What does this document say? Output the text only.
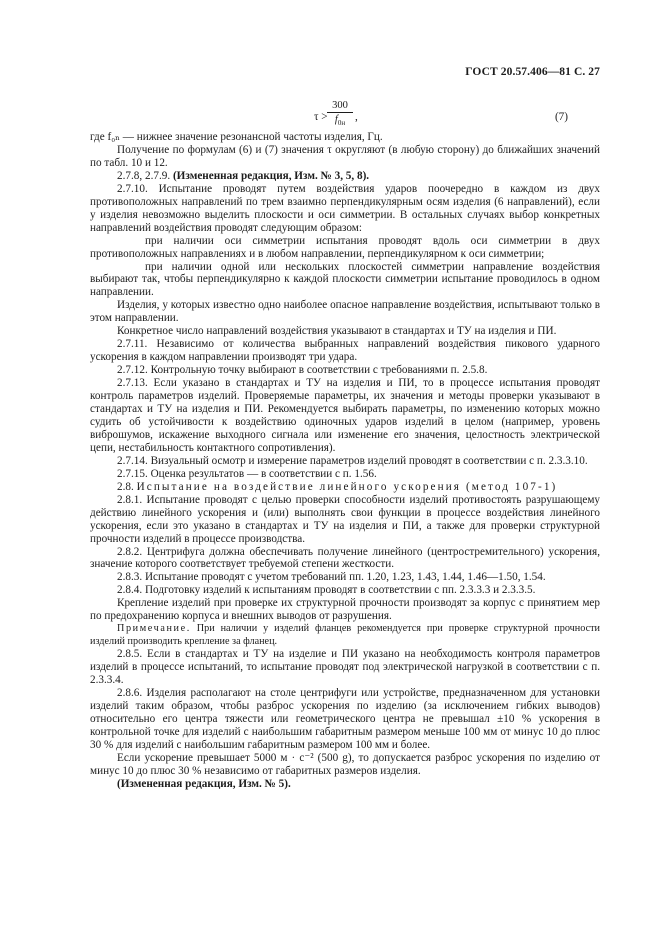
ГОСТ 20.57.406—81 С. 27
τ >
300
$f_{0н}$
,	(7)

где f₀ₙ — нижнее значение резонансной частоты изделия, Гц.

Получение по формулам (6) и (7) значения τ округляют (в любую сторону) до ближайших значений по табл. 10 и 12.

2.7.8, 2.7.9. (Измененная редакция, Изм. № 3, 5, 8).

2.7.10. Испытание проводят путем воздействия ударов поочередно в каждом из двух противоположных направлений по трем взаимно перпендикулярным осям изделия (6 направлений), если у изделия невозможно выделить плоскости и оси симметрии. В остальных случаях выбор конкретных направлений воздействия проводят следующим образом:

при наличии оси симметрии испытания проводят вдоль оси симметрии в двух противоположных направлениях и в любом направлении, перпендикулярном к оси симметрии;

при наличии одной или нескольких плоскостей симметрии направление воздействия выбирают так, чтобы перпендикулярно к каждой плоскости симметрии испытание проводилось в одном направлении.

Изделия, у которых известно одно наиболее опасное направление воздействия, испытывают только в этом направлении.

Конкретное число направлений воздействия указывают в стандартах и ТУ на изделия и ПИ.

2.7.11. Независимо от количества выбранных направлений воздействия пикового ударного ускорения в каждом направлении производят три удара.

2.7.12. Контрольную точку выбирают в соответствии с требованиями п. 2.5.8.

2.7.13. Если указано в стандартах и ТУ на изделия и ПИ, то в процессе испытания проводят контроль параметров изделий. Проверяемые параметры, их значения и методы проверки указывают в стандартах и ТУ на изделия и ПИ. Рекомендуется выбирать параметры, по изменению которых можно судить об устойчивости к воздействию одиночных ударов изделий в целом (например, уровень виброшумов, искажение выходного сигнала или изменение его значения, целостность электрической цепи, нестабильность контактного сопротивления).

2.7.14. Визуальный осмотр и измерение параметров изделий проводят в соответствии с п. 2.3.3.10.

2.7.15. Оценка результатов — в соответствии с п. 1.56.

2.8. Испытание на воздействие линейного ускорения (метод 107-1)

2.8.1. Испытание проводят с целью проверки способности изделий противостоять разрушающему действию линейного ускорения и (или) выполнять свои функции в процессе воздействия линейного ускорения, если это указано в стандартах и ТУ на изделия и ПИ, а также для проверки структурной прочности изделий в процессе производства.

2.8.2. Центрифуга должна обеспечивать получение линейного (центростремительного) ускорения, значение которого соответствует требуемой степени жесткости.

2.8.3. Испытание проводят с учетом требований пп. 1.20, 1.23, 1.43, 1.44, 1.46—1.50, 1.54.

2.8.4. Подготовку изделий к испытаниям проводят в соответствии с пп. 2.3.3.3 и 2.3.3.5.

Крепление изделий при проверке их структурной прочности производят за корпус с принятием мер по предохранению корпуса и внешних выводов от разрушения.

Примечание. При наличии у изделий фланцев рекомендуется при проверке структурной прочности изделий производить крепление за фланец.

2.8.5. Если в стандартах и ТУ на изделие и ПИ указано на необходимость контроля параметров изделий в процессе испытаний, то испытание проводят под электрической нагрузкой в соответствии с п. 2.3.3.4.

2.8.6. Изделия располагают на столе центрифуги или устройстве, предназначенном для установки изделий таким образом, чтобы разброс ускорения по изделию (за исключением гибких выводов) относительно его центра тяжести или геометрического центра не превышал ±10 % ускорения в контрольной точке для изделий с наибольшим габаритным размером меньше 100 мм от минус 10 до плюс 30 % для изделий с наибольшим габаритным размером 100 мм и более.

Если ускорение превышает 5000 м · с⁻² (500 g), то допускается разброс ускорения по изделию от минус 10 до плюс 30 % независимо от габаритных размеров изделия.

(Измененная редакция, Изм. № 5).
